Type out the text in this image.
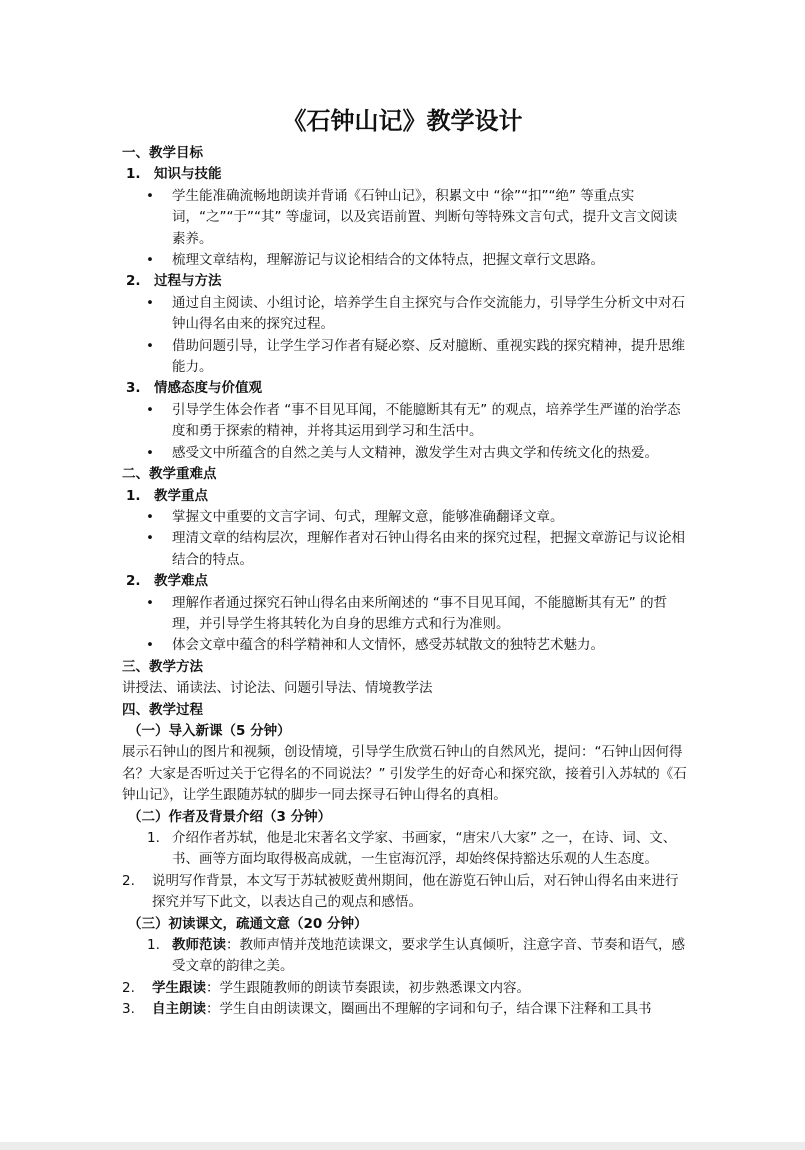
《石钟山记》教学设计

一、教学目标

1. 知识与技能

• 学生能准确流畅地朗读并背诵《石钟山记》，积累文中 “徐”“扣”“绝” 等重点实词，“之”“于”“其” 等虚词，以及宾语前置、判断句等特殊文言句式，提升文言文阅读素养。

• 梳理文章结构，理解游记与议论相结合的文体特点，把握文章行文思路。

2. 过程与方法

• 通过自主阅读、小组讨论，培养学生自主探究与合作交流能力，引导学生分析文中对石钟山得名由来的探究过程。

• 借助问题引导，让学生学习作者有疑必察、反对臆断、重视实践的探究精神，提升思维能力。

3. 情感态度与价值观

• 引导学生体会作者 “事不目见耳闻，不能臆断其有无” 的观点，培养学生严谨的治学态度和勇于探索的精神，并将其运用到学习和生活中。

• 感受文中所蕴含的自然之美与人文精神，激发学生对古典文学和传统文化的热爱。

二、教学重难点

1. 教学重点

• 掌握文中重要的文言字词、句式，理解文意，能够准确翻译文章。

• 理清文章的结构层次，理解作者对石钟山得名由来的探究过程，把握文章游记与议论相结合的特点。

2. 教学难点

• 理解作者通过探究石钟山得名由来所阐述的 “事不目见耳闻，不能臆断其有无” 的哲理，并引导学生将其转化为自身的思维方式和行为准则。

• 体会文章中蕴含的科学精神和人文情怀，感受苏轼散文的独特艺术魅力。

三、教学方法

讲授法、诵读法、讨论法、问题引导法、情境教学法

四、教学过程

（一）导入新课（5 分钟）

展示石钟山的图片和视频，创设情境，引导学生欣赏石钟山的自然风光，提问：“石钟山因何得名？大家是否听过关于它得名的不同说法？” 引发学生的好奇心和探究欲，接着引入苏轼的《石钟山记》，让学生跟随苏轼的脚步一同去探寻石钟山得名的真相。

（二）作者及背景介绍（3 分钟）

1. 介绍作者苏轼，他是北宋著名文学家、书画家，“唐宋八大家” 之一，在诗、词、文、书、画等方面均取得极高成就，一生宦海沉浮，却始终保持豁达乐观的人生态度。

2. 说明写作背景，本文写于苏轼被贬黄州期间，他在游览石钟山后，对石钟山得名由来进行探究并写下此文，以表达自己的观点和感悟。

（三）初读课文，疏通文意（20 分钟）

1. 教师范读：教师声情并茂地范读课文，要求学生认真倾听，注意字音、节奏和语气，感受文章的韵律之美。

2. 学生跟读：学生跟随教师的朗读节奏跟读，初步熟悉课文内容。

3. 自主朗读：学生自由朗读课文，圈画出不理解的字词和句子，结合课下注释和工具书
